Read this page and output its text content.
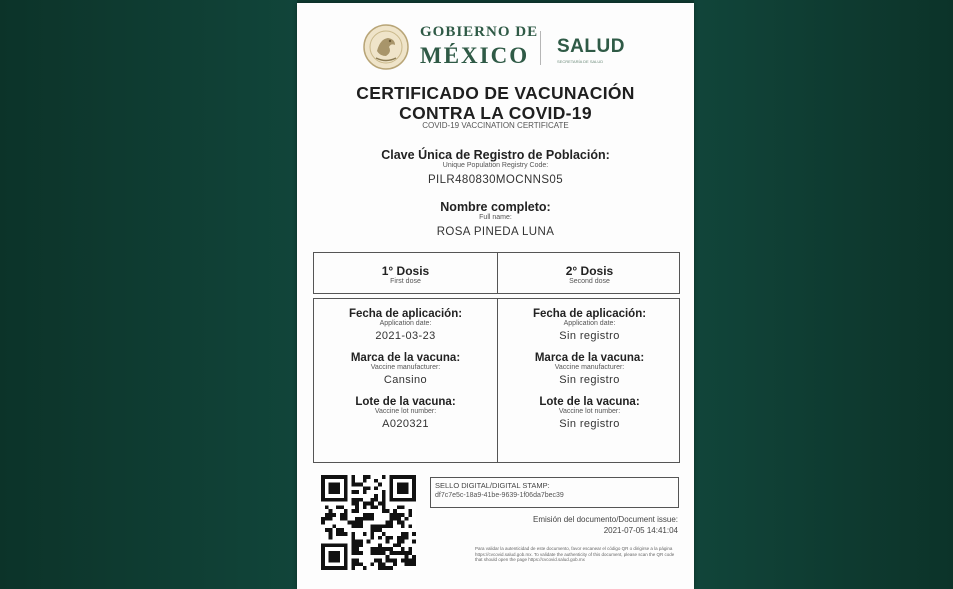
GOBIERNO DE
MÉXICO	SALUD
SECRETARÍA DE SALUD
CERTIFICADO DE VACUNACIÓN
CONTRA LA COVID-19
COVID-19 VACCINATION CERTIFICATE
Clave Única de Registro de Población:
Unique Population Registry Code:
PILR480830MOCNNS05
Nombre completo:
Full name:
ROSA PINEDA LUNA
1° Dosis
First dose
2° Dosis
Second dose
Fecha de aplicación:
Application date:
2021-03-23
Marca de la vacuna:
Vaccine manufacturer:
Cansino
Lote de la vacuna:
Vaccine lot number:
A020321
Fecha de aplicación:
Application date:
Sin registro
Marca de la vacuna:
Vaccine manufacturer:
Sin registro
Lote de la vacuna:
Vaccine lot number:
Sin registro
SELLO DIGITAL/DIGITAL STAMP:
df7c7e5c-18a9-41be-9639-1f06da7bec39
Emisión del documento/Document issue:
2021-07-05 14:41:04
Para validar la autenticidad de este documento, favor escanear el código QR o dirigirse a la página https://cvcovid.salud.gob.mx. To validate the authenticity of this document, please scan the QR code that should open the page https://cvcovid.salud.gob.mx
